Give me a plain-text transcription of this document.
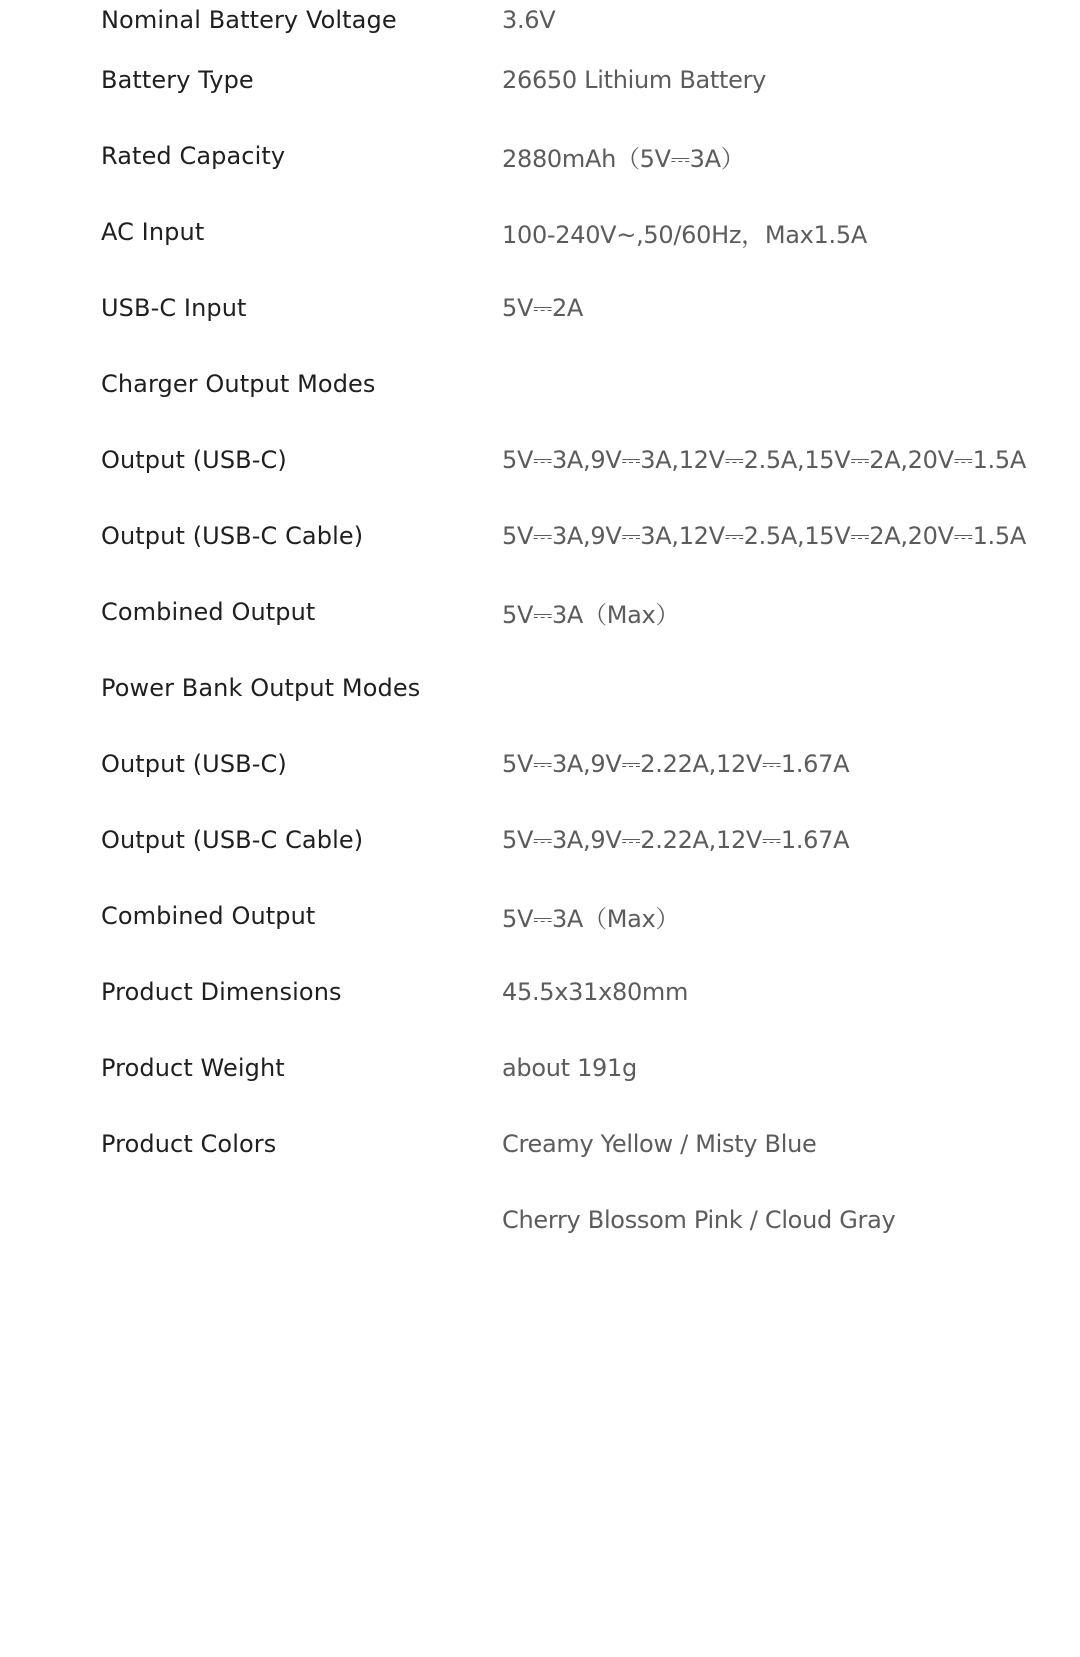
Nominal Battery Voltage	3.6V
Battery Type	26650 Lithium Battery
Rated Capacity	2880mAh（5V⎓3A）
AC Input	100-240V~,50/60Hz，Max1.5A
USB-C Input	5V⎓2A
Charger Output Modes
Output (USB-C)	5V⎓3A,9V⎓3A,12V⎓2.5A,15V⎓2A,20V⎓1.5A
Output (USB-C Cable)	5V⎓3A,9V⎓3A,12V⎓2.5A,15V⎓2A,20V⎓1.5A
Combined Output	5V⎓3A（Max）
Power Bank Output Modes
Output (USB-C)	5V⎓3A,9V⎓2.22A,12V⎓1.67A
Output (USB-C Cable)	5V⎓3A,9V⎓2.22A,12V⎓1.67A
Combined Output	5V⎓3A（Max）
Product Dimensions	45.5x31x80mm
Product Weight	about 191g
Product Colors	Creamy Yellow / Misty Blue
Cherry Blossom Pink / Cloud Gray
